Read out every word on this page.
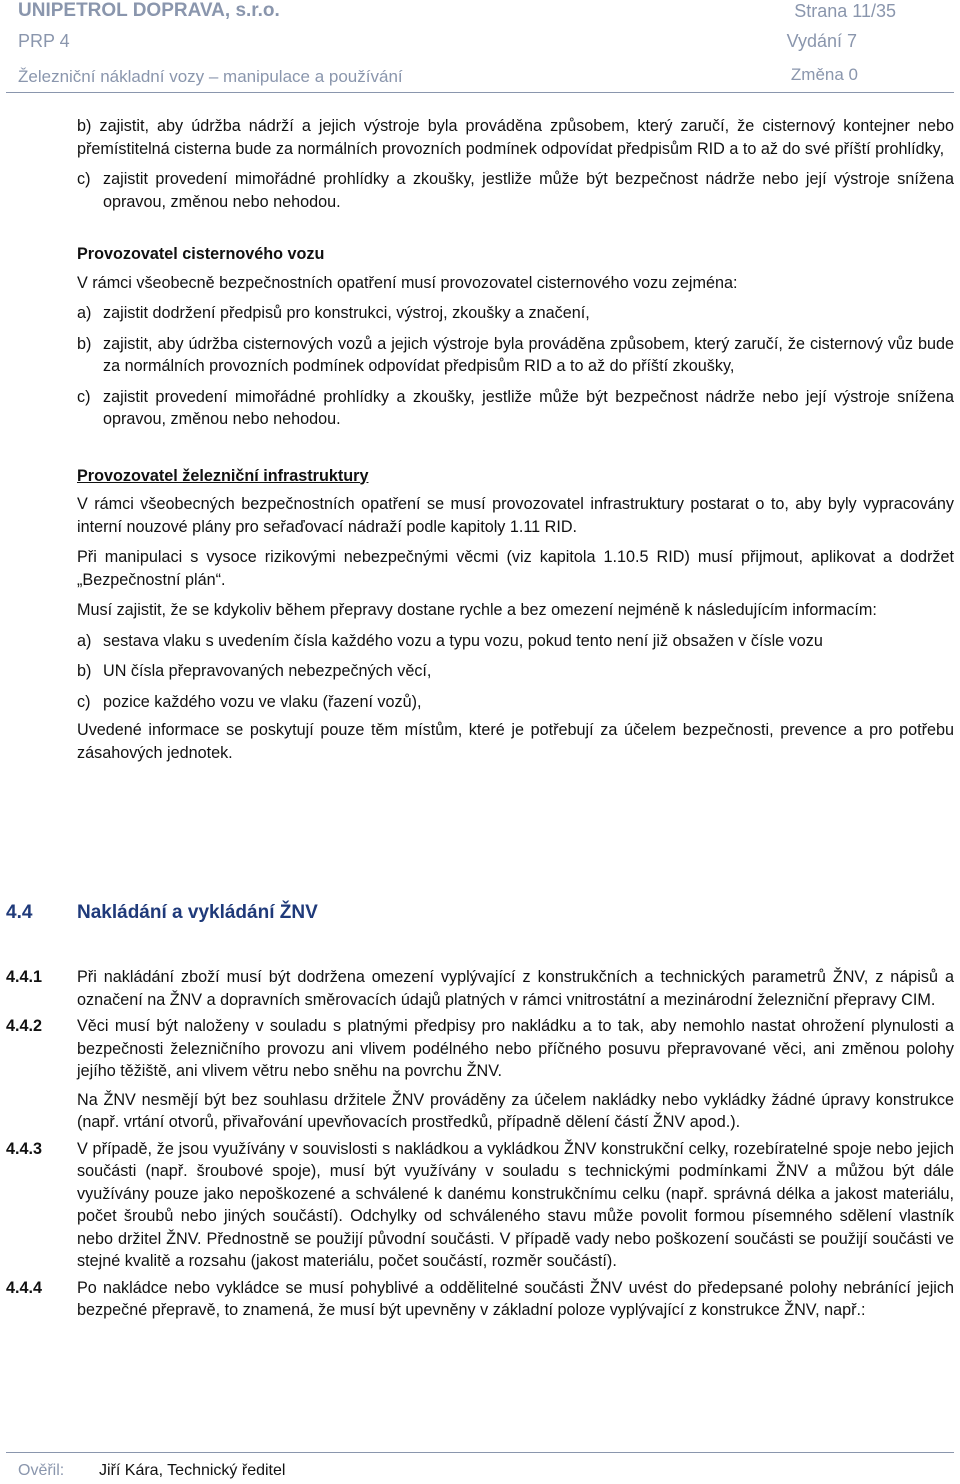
UNIPETROL DOPRAVA, s.r.o.	Strana 11/35
PRP 4	Vydání 7
Železniční nákladní vozy – manipulace a používání	Změna 0

b) zajistit, aby údržba nádrží a jejich výstroje byla prováděna způsobem, který zaručí, že cisternový kontejner nebo přemístitelná cisterna bude za normálních provozních podmínek odpovídat předpisům RID a to až do své příští prohlídky,

c) zajistit provedení mimořádné prohlídky a zkoušky, jestliže může být bezpečnost nádrže nebo její výstroje snížena opravou, změnou nebo nehodou.
Provozovatel cisternového vozu

V rámci všeobecně bezpečnostních opatření musí provozovatel cisternového vozu zejména:

a) zajistit dodržení předpisů pro konstrukci, výstroj, zkoušky a značení,
b) zajistit, aby údržba cisternových vozů a jejich výstroje byla prováděna způsobem, který zaručí, že cisternový vůz bude za normálních provozních podmínek odpovídat předpisům RID a to až do příští zkoušky,
c) zajistit provedení mimořádné prohlídky a zkoušky, jestliže může být bezpečnost nádrže nebo její výstroje snížena opravou, změnou nebo nehodou.
Provozovatel železniční infrastruktury

V rámci všeobecných bezpečnostních opatření se musí provozovatel infrastruktury postarat o to, aby byly vypracovány interní nouzové plány pro seřaďovací nádraží podle kapitoly 1.11 RID.

Při manipulaci s vysoce rizikovými nebezpečnými věcmi (viz kapitola 1.10.5 RID) musí přijmout, aplikovat a dodržet „Bezpečnostní plán“.

Musí zajistit, že se kdykoliv během přepravy dostane rychle a bez omezení nejméně k následujícím informacím:

a) sestava vlaku s uvedením čísla každého vozu a typu vozu, pokud tento není již obsažen v čísle vozu
b) UN čísla přepravovaných nebezpečných věcí,
c) pozice každého vozu ve vlaku (řazení vozů),

Uvedené informace se poskytují pouze těm místům, které je potřebují za účelem bezpečnosti, prevence a pro potřebu zásahových jednotek.

4.4 Nakládání a vykládání ŽNV
4.4.1	Při nakládání zboží musí být dodržena omezení vyplývající z konstrukčních a technických parametrů ŽNV, z nápisů a označení na ŽNV a dopravních směrovacích údajů platných v rámci vnitrostátní a mezinárodní železniční přepravy CIM.
4.4.2	Věci musí být naloženy v souladu s platnými předpisy pro nakládku a to tak, aby nemohlo nastat ohrožení plynulosti a bezpečnosti železničního provozu ani vlivem podélného nebo příčného posuvu přepravované věci, ani změnou polohy jejího těžiště, ani vlivem větru nebo sněhu na povrchu ŽNV.
Na ŽNV nesmějí být bez souhlasu držitele ŽNV prováděny za účelem nakládky nebo vykládky žádné úpravy konstrukce (např. vrtání otvorů, přivařování upevňovacích prostředků, případně dělení částí ŽNV apod.).
4.4.3	V případě, že jsou využívány v souvislosti s nakládkou a vykládkou ŽNV konstrukční celky, rozebíratelné spoje nebo jejich součásti (např. šroubové spoje), musí být využívány v souladu s technickými podmínkami ŽNV a můžou být dále využívány pouze jako nepoškozené a schválené k danému konstrukčnímu celku (např. správná délka a jakost materiálu, počet šroubů nebo jiných součástí). Odchylky od schváleného stavu může povolit formou písemného sdělení vlastník nebo držitel ŽNV. Přednostně se použijí původní součásti. V případě vady nebo poškození součásti se použijí součásti ve stejné kvalitě a rozsahu (jakost materiálu, počet součástí, rozměr součástí).
4.4.4	Po nakládce nebo vykládce se musí pohyblivé a oddělitelné součásti ŽNV uvést do předepsané polohy nebránící jejich bezpečné přepravě, to znamená, že musí být upevněny v základní poloze vyplývající z konstrukce ŽNV, např.:
Ověřil: Jiří Kára, Technický ředitel
